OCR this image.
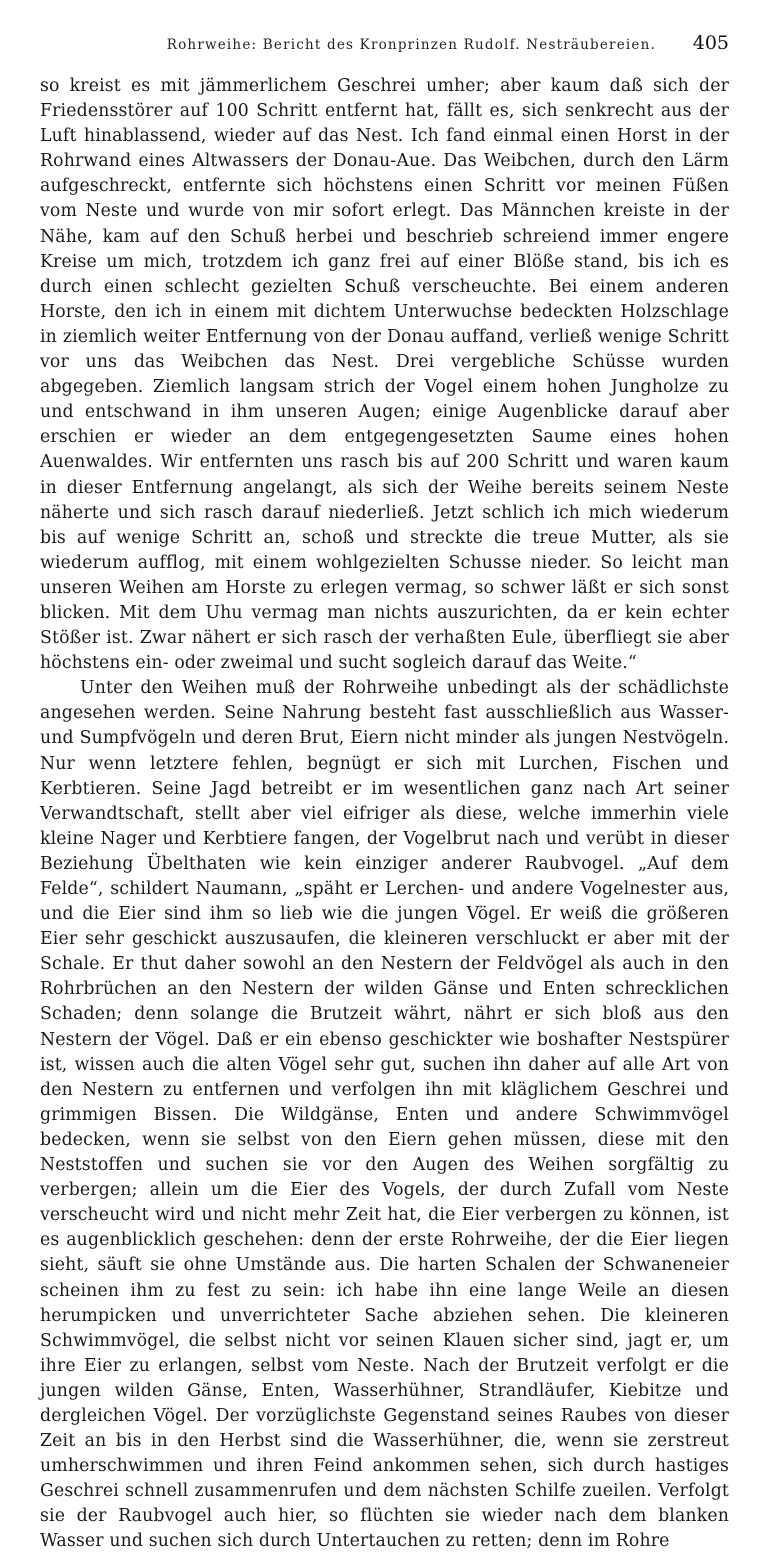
Rohrweihe: Bericht des Kronprinzen Rudolf. Nesträubereien.	405

so kreist es mit jämmerlichem Geschrei umher; aber kaum daß sich der Friedensstörer auf 100 Schritt entfernt hat, fällt es, sich senkrecht aus der Luft hinablassend, wieder auf das Nest. Ich fand einmal einen Horst in der Rohrwand eines Altwassers der Donau-Aue. Das Weibchen, durch den Lärm aufgeschreckt, entfernte sich höchstens einen Schritt vor meinen Füßen vom Neste und wurde von mir sofort erlegt. Das Männchen kreiste in der Nähe, kam auf den Schuß herbei und beschrieb schreiend immer engere Kreise um mich, trotzdem ich ganz frei auf einer Blöße stand, bis ich es durch einen schlecht gezielten Schuß verscheuchte. Bei einem anderen Horste, den ich in einem mit dichtem Unterwuchse bedeckten Holzschlage in ziemlich weiter Entfernung von der Donau auffand, verließ wenige Schritt vor uns das Weibchen das Nest. Drei vergebliche Schüsse wurden abgegeben. Ziemlich langsam strich der Vogel einem hohen Jungholze zu und entschwand in ihm unseren Augen; einige Augenblicke darauf aber erschien er wieder an dem entgegengesetzten Saume eines hohen Auenwaldes. Wir entfernten uns rasch bis auf 200 Schritt und waren kaum in dieser Entfernung angelangt, als sich der Weihe bereits seinem Neste näherte und sich rasch darauf niederließ. Jetzt schlich ich mich wiederum bis auf wenige Schritt an, schoß und streckte die treue Mutter, als sie wiederum aufflog, mit einem wohlgezielten Schusse nieder. So leicht man unseren Weihen am Horste zu erlegen vermag, so schwer läßt er sich sonst blicken. Mit dem Uhu vermag man nichts auszurichten, da er kein echter Stößer ist. Zwar nähert er sich rasch der verhaßten Eule, überfliegt sie aber höchstens ein- oder zweimal und sucht sogleich darauf das Weite.“

Unter den Weihen muß der Rohrweihe unbedingt als der schädlichste angesehen werden. Seine Nahrung besteht fast ausschließlich aus Wasser- und Sumpfvögeln und deren Brut, Eiern nicht minder als jungen Nestvögeln. Nur wenn letztere fehlen, begnügt er sich mit Lurchen, Fischen und Kerbtieren. Seine Jagd betreibt er im wesentlichen ganz nach Art seiner Verwandtschaft, stellt aber viel eifriger als diese, welche immerhin viele kleine Nager und Kerbtiere fangen, der Vogelbrut nach und verübt in dieser Beziehung Übelthaten wie kein einziger anderer Raubvogel. „Auf dem Felde“, schildert Naumann, „späht er Lerchen- und andere Vogelnester aus, und die Eier sind ihm so lieb wie die jungen Vögel. Er weiß die größeren Eier sehr geschickt auszusaufen, die kleineren verschluckt er aber mit der Schale. Er thut daher sowohl an den Nestern der Feldvögel als auch in den Rohrbrüchen an den Nestern der wilden Gänse und Enten schrecklichen Schaden; denn solange die Brutzeit währt, nährt er sich bloß aus den Nestern der Vögel. Daß er ein ebenso geschickter wie boshafter Nestspürer ist, wissen auch die alten Vögel sehr gut, suchen ihn daher auf alle Art von den Nestern zu entfernen und verfolgen ihn mit kläglichem Geschrei und grimmigen Bissen. Die Wildgänse, Enten und andere Schwimmvögel bedecken, wenn sie selbst von den Eiern gehen müssen, diese mit den Neststoffen und suchen sie vor den Augen des Weihen sorgfältig zu verbergen; allein um die Eier des Vogels, der durch Zufall vom Neste verscheucht wird und nicht mehr Zeit hat, die Eier verbergen zu können, ist es augenblicklich geschehen: denn der erste Rohrweihe, der die Eier liegen sieht, säuft sie ohne Umstände aus. Die harten Schalen der Schwaneneier scheinen ihm zu fest zu sein: ich habe ihn eine lange Weile an diesen herumpicken und unverrichteter Sache abziehen sehen. Die kleineren Schwimmvögel, die selbst nicht vor seinen Klauen sicher sind, jagt er, um ihre Eier zu erlangen, selbst vom Neste. Nach der Brutzeit verfolgt er die jungen wilden Gänse, Enten, Wasserhühner, Strandläufer, Kiebitze und dergleichen Vögel. Der vorzüglichste Gegenstand seines Raubes von dieser Zeit an bis in den Herbst sind die Wasserhühner, die, wenn sie zerstreut umherschwimmen und ihren Feind ankommen sehen, sich durch hastiges Geschrei schnell zusammenrufen und dem nächsten Schilfe zueilen. Verfolgt sie der Raubvogel auch hier, so flüchten sie wieder nach dem blanken Wasser und suchen sich durch Untertauchen zu retten; denn im Rohre
